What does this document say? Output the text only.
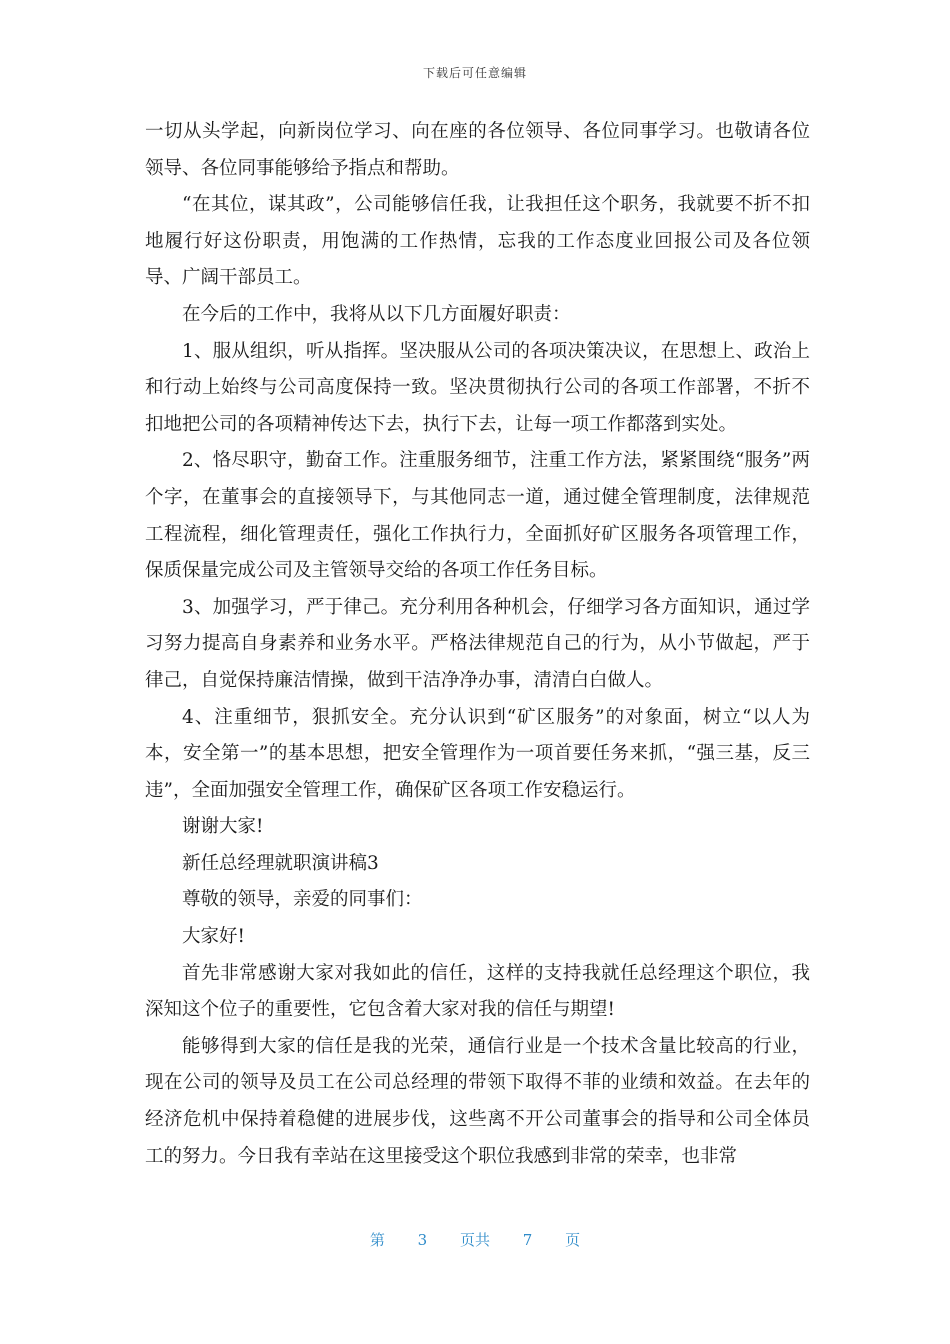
下载后可任意编辑

一切从头学起，向新岗位学习、向在座的各位领导、各位同事学习。也敬请各位领导、各位同事能够给予指点和帮助。

“在其位，谋其政”，公司能够信任我，让我担任这个职务，我就要不折不扣地履行好这份职责，用饱满的工作热情，忘我的工作态度业回报公司及各位领导、广阔干部员工。

在今后的工作中，我将从以下几方面履好职责：

1、服从组织，听从指挥。坚决服从公司的各项决策决议，在思想上、政治上和行动上始终与公司高度保持一致。坚决贯彻执行公司的各项工作部署，不折不扣地把公司的各项精神传达下去，执行下去，让每一项工作都落到实处。

2、恪尽职守，勤奋工作。注重服务细节，注重工作方法，紧紧围绕“服务”两个字，在董事会的直接领导下，与其他同志一道，通过健全管理制度，法律规范工程流程，细化管理责任，强化工作执行力，全面抓好矿区服务各项管理工作，保质保量完成公司及主管领导交给的各项工作任务目标。

3、加强学习，严于律己。充分利用各种机会，仔细学习各方面知识，通过学习努力提高自身素养和业务水平。严格法律规范自己的行为，从小节做起，严于律己，自觉保持廉洁情操，做到干洁净净办事，清清白白做人。

4、注重细节，狠抓安全。充分认识到“矿区服务”的对象面，树立“以人为本，安全第一”的基本思想，把安全管理作为一项首要任务来抓，“强三基，反三违”，全面加强安全管理工作，确保矿区各项工作安稳运行。

谢谢大家!

新任总经理就职演讲稿3

尊敬的领导，亲爱的同事们：

大家好!

首先非常感谢大家对我如此的信任，这样的支持我就任总经理这个职位，我深知这个位子的重要性，它包含着大家对我的信任与期望!

能够得到大家的信任是我的光荣，通信行业是一个技术含量比较高的行业，现在公司的领导及员工在公司总经理的带领下取得不菲的业绩和效益。在去年的经济危机中保持着稳健的进展步伐，这些离不开公司董事会的指导和公司全体员工的努力。今日我有幸站在这里接受这个职位我感到非常的荣幸，也非常

第 3 页共 7 页
